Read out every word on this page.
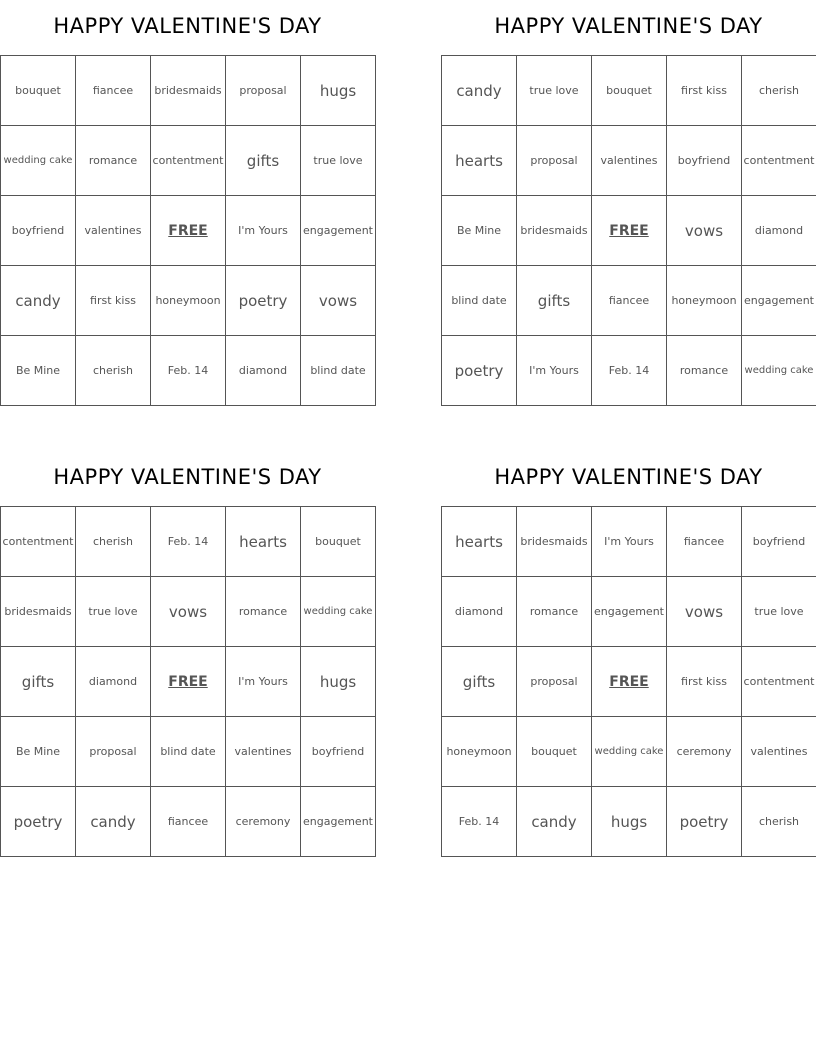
HAPPY VALENTINE'S DAY
bouquet	fiancee	bridesmaids	proposal	hugs
wedding cake	romance	contentment	gifts	true love
boyfriend	valentines	FREE	I'm Yours	engagement
candy	first kiss	honeymoon	poetry	vows
Be Mine	cherish	Feb. 14	diamond	blind date
HAPPY VALENTINE'S DAY
candy	true love	bouquet	first kiss	cherish
hearts	proposal	valentines	boyfriend	contentment
Be Mine	bridesmaids	FREE	vows	diamond
blind date	gifts	fiancee	honeymoon	engagement
poetry	I'm Yours	Feb. 14	romance	wedding cake
HAPPY VALENTINE'S DAY
contentment	cherish	Feb. 14	hearts	bouquet
bridesmaids	true love	vows	romance	wedding cake
gifts	diamond	FREE	I'm Yours	hugs
Be Mine	proposal	blind date	valentines	boyfriend
poetry	candy	fiancee	ceremony	engagement
HAPPY VALENTINE'S DAY
hearts	bridesmaids	I'm Yours	fiancee	boyfriend
diamond	romance	engagement	vows	true love
gifts	proposal	FREE	first kiss	contentment
honeymoon	bouquet	wedding cake	ceremony	valentines
Feb. 14	candy	hugs	poetry	cherish
